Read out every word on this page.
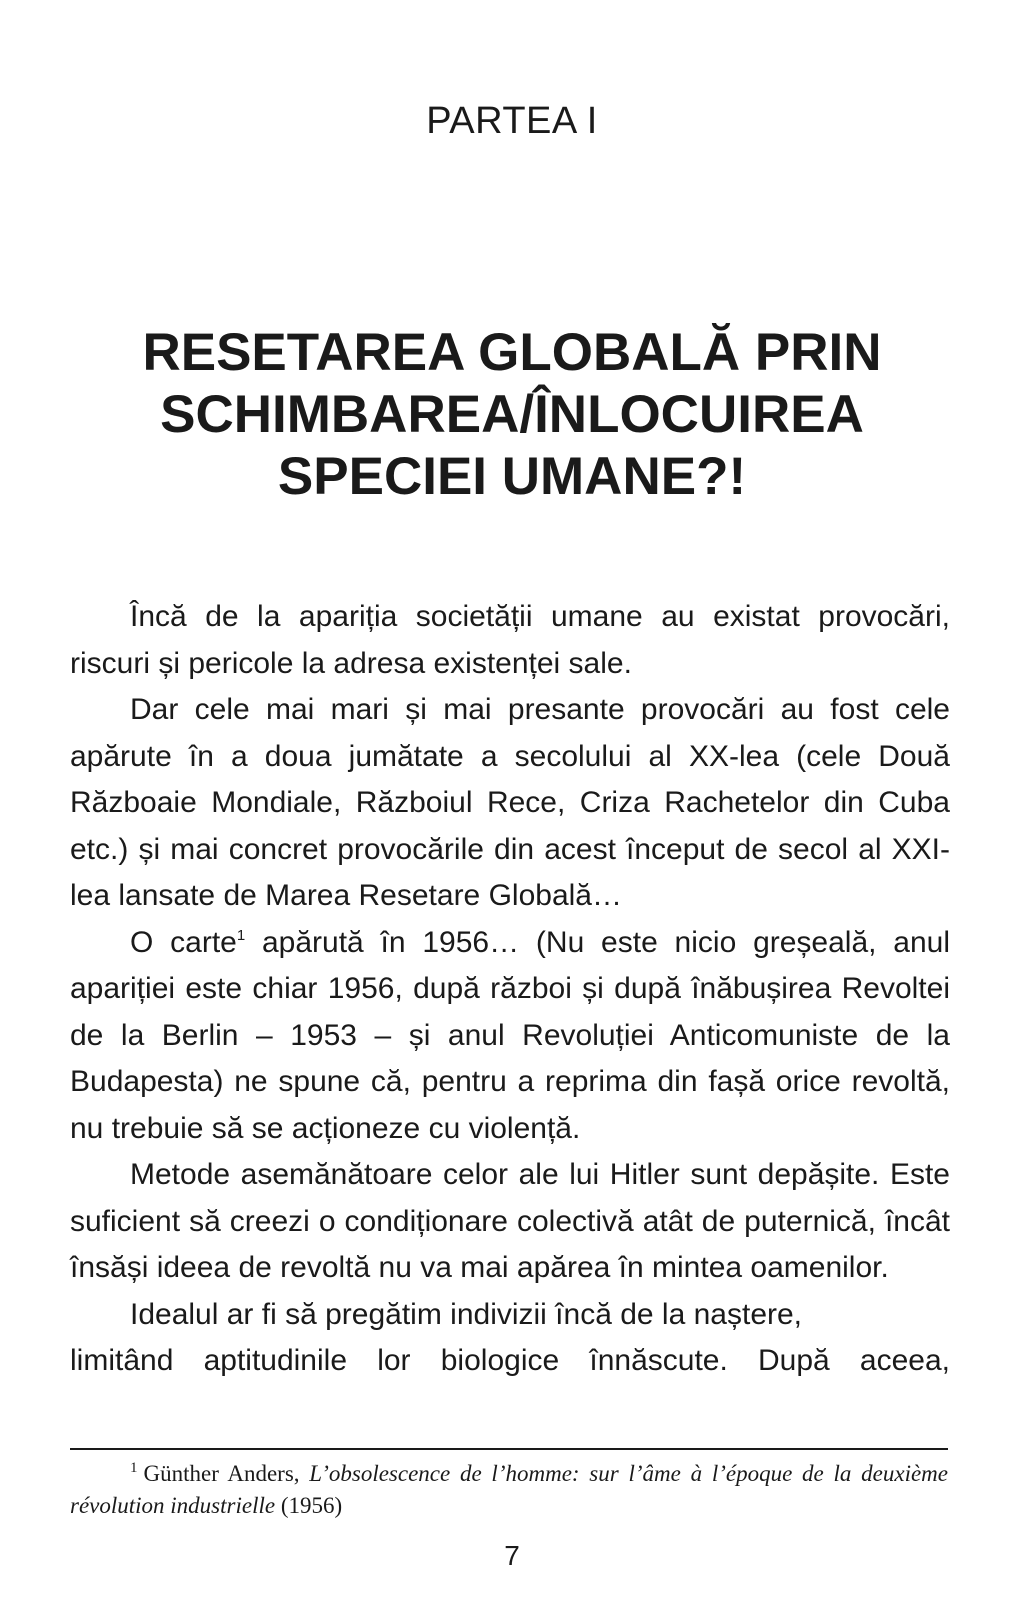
PARTEA I
RESETAREA GLOBALĂ PRIN
SCHIMBAREA/ÎNLOCUIREA
SPECIEI UMANE?!

Încă de la apariția societății umane au existat provocări, riscuri și pericole la adresa existenței sale.

Dar cele mai mari și mai presante provocări au fost cele apărute în a doua jumătate a secolului al XX-lea (cele Două Războaie Mondiale, Războiul Rece, Criza Rachetelor din Cuba etc.) și mai concret provocările din acest început de secol al XXI-lea lansate de Marea Resetare Globală…

O carte$^1$ apărută în 1956… (Nu este nicio greșeală, anul apariției este chiar 1956, după război și după înăbușirea Revoltei de la Berlin – 1953 – și anul Revoluției Anticomuniste de la Budapesta) ne spune că, pentru a reprima din fașă orice revoltă, nu trebuie să se acționeze cu violență.

Metode asemănătoare celor ale lui Hitler sunt depășite. Este suficient să creezi o condiționare colectivă atât de puternică, încât însăși ideea de revoltă nu va mai apărea în mintea oamenilor.

Idealul ar fi să pregătim indivizii încă de la naștere,
limitând aptitudinile lor biologice înnăscute. După aceea,

$^1$ Günther Anders, L’obsolescence de l’homme: sur l’âme à l’époque de la deuxième révolution industrielle (1956)
7
